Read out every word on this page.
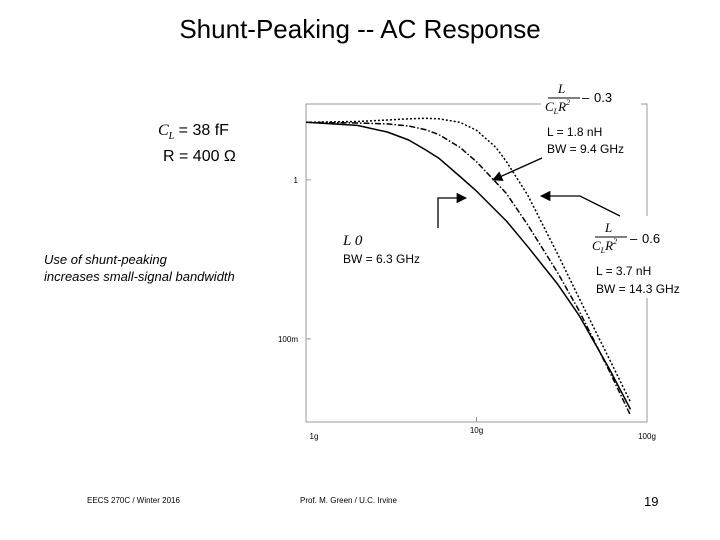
Shunt-Peaking -- AC Response
$C_L = 38$ fF
R = 400 Ω
Use of shunt-peaking
increases small-signal bandwidth
1
100m
1g
10g
100g
L
$C_LR^2 - 0.3$
L = 1.8 nH
BW = 9.4 GHz
L 0
BW = 6.3 GHz
L
$C_LR^2 - 0.6$
L = 3.7 nH
BW = 14.3 GHz
EECS 270C / Winter 2016	Prof. M. Green / U.C. Irvine	19
